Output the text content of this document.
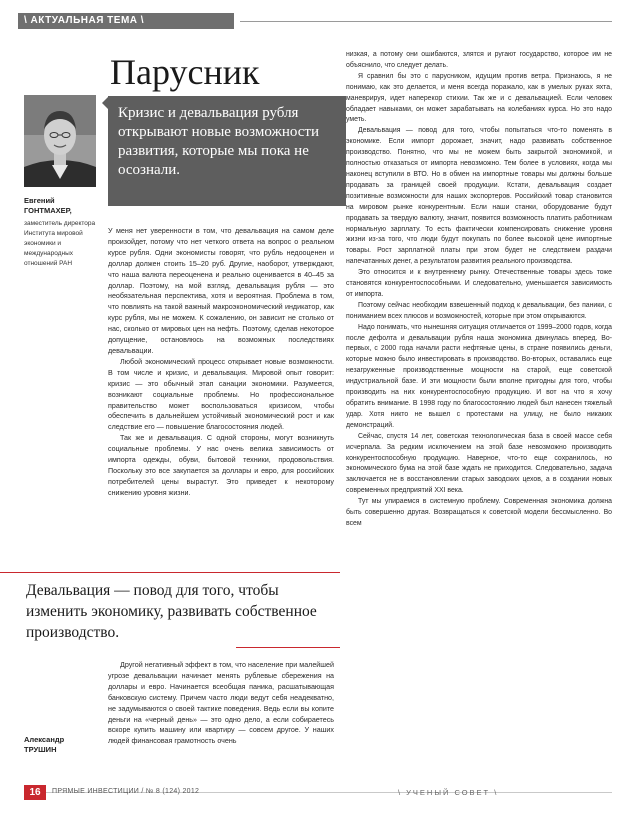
\ АКТУАЛЬНАЯ ТЕМА \
Парусник
Кризис и девальвация рубля открывают новые возможности развития, которые мы пока не осознали.
Евгений
ГОНТМАХЕР,
заместитель директора Института мировой экономики и международных отношений РАН

У меня нет уверенности в том, что девальвация на самом деле произойдет, потому что нет четкого ответа на вопрос о реальном курсе рубля. Одни экономисты говорят, что рубль недооценен и доллар должен стоить 15–20 руб. Другие, наоборот, утверждают, что наша валюта переоценена и реально оценивается в 40–45 за доллар. Поэтому, на мой взгляд, девальвация рубля — это необязательная перспектива, хотя и вероятная. Проблема в том, что повлиять на такой важный макроэкономический индикатор, как курс рубля, мы не можем. К сожалению, он зависит не столько от нас, сколько от мировых цен на нефть. Поэтому, сделав некоторое допущение, остановлюсь на возможных последствиях девальвации.

Любой экономический процесс открывает новые возможности. В том числе и кризис, и девальвация. Мировой опыт говорит: кризис — это обычный этап санации экономики. Разумеется, возникают социальные проблемы. Но профессиональное правительство может воспользоваться кризисом, чтобы обеспечить в дальнейшем устойчивый экономический рост и как следствие его — повышение благосостояния людей.

Так же и девальвация. С одной стороны, могут возникнуть социальные проблемы. У нас очень велика зависимость от импорта одежды, обуви, бытовой техники, продовольствия. Поскольку это все закупается за доллары и евро, для российских потребителей цены вырастут. Это приведет к некоторому снижению уровня жизни.

Девальвация — повод для того, чтобы изменить экономику, развивать собственное производство.
Александр
ТРУШИН

Другой негативный эффект в том, что население при малейшей угрозе девальвации начинает менять рублевые сбережения на доллары и евро. Начинается всеобщая паника, расшатывающая банковскую систему. Причем часто люди ведут себя неадекватно, не задумываются о своей тактике поведения. Ведь если вы копите деньги на «черный день» — это одно дело, а если собираетесь вскоре купить машину или квартиру — совсем другое. У наших людей финансовая грамотность очень

низкая, а потому они ошибаются, злятся и ругают государство, которое им не объяснило, что следует делать.

Я сравнил бы это с парусником, идущим против ветра. Признаюсь, я не понимаю, как это делается, и меня всегда поражало, как в умелых руках яхта, маневрируя, идет наперекор стихии. Так же и с девальвацией. Если человек обладает навыками, он может зарабатывать на колебаниях курса. Но это надо уметь.

Девальвация — повод для того, чтобы попытаться что-то поменять в экономике. Если импорт дорожает, значит, надо развивать собственное производство. Понятно, что мы не можем быть закрытой экономикой, и полностью отказаться от импорта невозможно. Тем более в условиях, когда мы наконец вступили в ВТО. Но в обмен на импортные товары мы должны больше продавать за границей своей продукции. Кстати, девальвация создает позитивные возможности для наших экспортеров. Российский товар становится на мировом рынке конкурентным. Если наши станки, оборудование будут продавать за твердую валюту, значит, появится возможность платить работникам нормальную зарплату. То есть фактически компенсировать снижение уровня жизни из-за того, что люди будут покупать по более высокой цене импортные товары. Рост зарплатной платы при этом будет не следствием раздачи напечатанных денег, а результатом развития реального производства.

Это относится и к внутреннему рынку. Отечественные товары здесь тоже становятся конкурентоспособными. И следовательно, уменьшается зависимость от импорта.

Поэтому сейчас необходим взвешенный подход к девальвации, без паники, с пониманием всех плюсов и возможностей, которые при этом открываются.

Надо понимать, что нынешняя ситуация отличается от 1999–2000 годов, когда после дефолта и девальвации рубля наша экономика двинулась вперед. Во-первых, с 2000 года начали расти нефтяные цены, в стране появились деньги, которые можно было инвестировать в производство. Во-вторых, оставались еще незагруженные производственные мощности на старой, еще советской индустриальной базе. И эти мощности были вполне пригодны для того, чтобы производить на них конкурентоспособную продукцию. И вот на что я хочу обратить внимание. В 1998 году по благосостоянию людей был нанесен тяжелый удар. Хотя никто не вышел с протестами на улицу, не было никаких демонстраций.

Сейчас, спустя 14 лет, советская технологическая база в своей массе себя исчерпала. За редким исключением на этой базе невозможно производить конкурентоспособную продукцию. Наверное, что-то еще сохранилось, но экономического бума на этой базе ждать не приходится. Следовательно, задача заключается не в восстановлении старых заводских цехов, а в создании новых современных предприятий XXI века.

Тут мы упираемся в системную проблему. Современная экономика должна быть совершенно другая. Возвращаться к советской модели бессмысленно. Во всем

16	ПРЯМЫЕ ИНВЕСТИЦИИ / № 8 (124) 2012	\ УЧЕНЫЙ СОВЕТ \
